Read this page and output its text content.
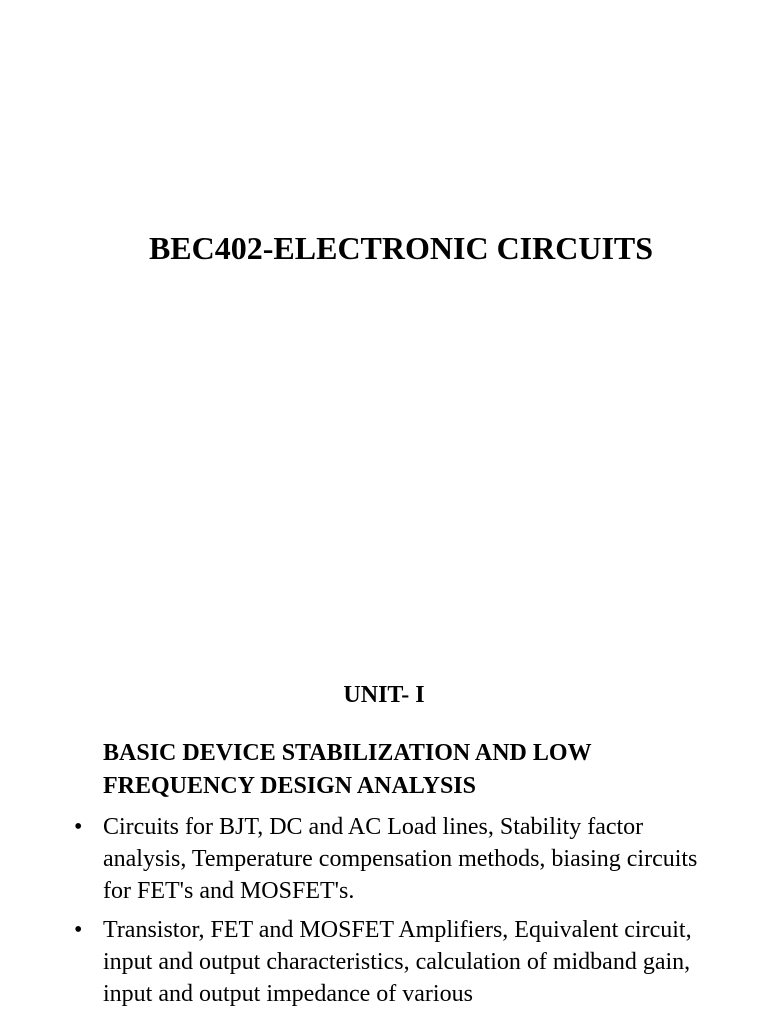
BEC402-ELECTRONIC CIRCUITS
UNIT- I
BASIC DEVICE STABILIZATION AND LOW FREQUENCY DESIGN ANALYSIS
• Circuits for BJT, DC and AC Load lines, Stability factor analysis, Temperature compensation methods, biasing circuits for FET's and MOSFET's.
• Transistor, FET and MOSFET Amplifiers, Equivalent circuit, input and output characteristics, calculation of midband gain, input and output impedance of various
